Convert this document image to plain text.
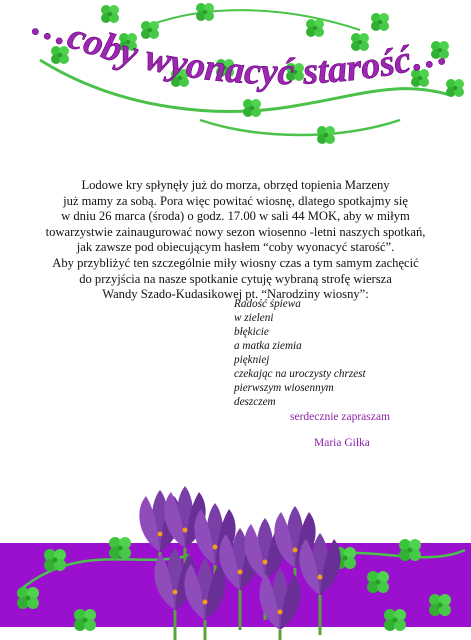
…coby wyonacyć starość…

Lodowe kry spłynęły już do morza, obrzęd topienia Marzeny

już mamy za sobą. Pora więc powitać wiosnę, dlatego spotkajmy się

w dniu 26 marca (środa) o godz. 17.00 w sali 44 MOK, aby w miłym

towarzystwie zainaugurować nowy sezon wiosenno -letni naszych spotkań,

jak zawsze pod obiecującym hasłem “coby wyonacyć starość”.

Aby przybliżyć ten szczególnie miły wiosny czas a tym samym zachęcić

do przyjścia na nasze spotkanie cytuję wybraną strofę wiersza

Wandy Szado-Kudasikowej pt. “Narodziny wiosny”:

Radość śpiewa

w zieleni

błękicie

a matka ziemia

piękniej

czekając na uroczysty chrzest

pierwszym wiosennym

deszczem

serdecznie zapraszam
Maria Giłka
